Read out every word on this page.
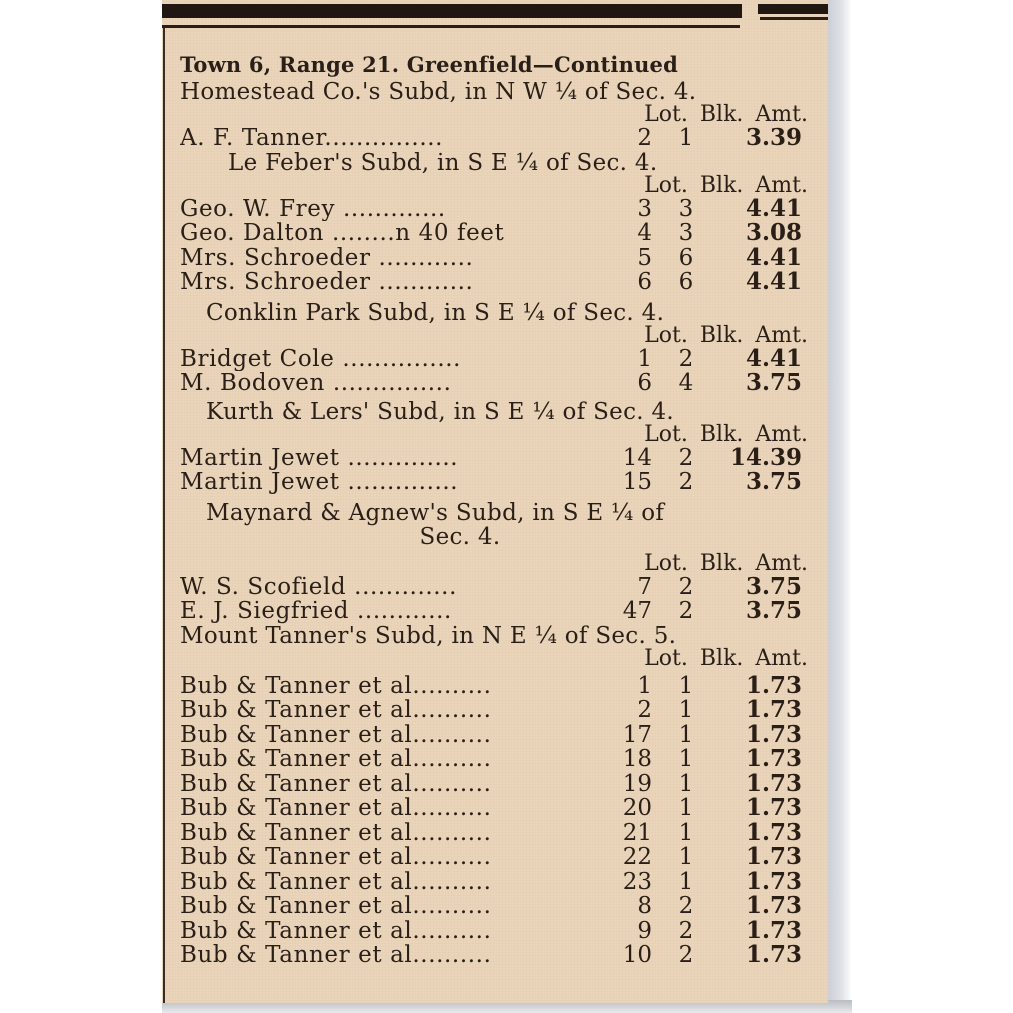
Town 6, Range 21. Greenfield—Continued
Homestead Co.'s Subd, in N W ¼ of Sec. 4.
Lot. Blk. Amt.
A. F. Tanner...............	2	1	3.39
Le Feber's Subd, in S E ¼ of Sec. 4.
Lot. Blk. Amt.
Geo. W. Frey .............	3	3	4.41
Geo. Dalton ........n 40 feet	4	3	3.08
Mrs. Schroeder ............	5	6	4.41
Mrs. Schroeder ............	6	6	4.41
Conklin Park Subd, in S E ¼ of Sec. 4.
Lot. Blk. Amt.
Bridget Cole ...............	1	2	4.41
M. Bodoven ...............	6	4	3.75
Kurth & Lers' Subd, in S E ¼ of Sec. 4.
Lot. Blk. Amt.
Martin Jewet ..............	14	2	14.39
Martin Jewet ..............	15	2	3.75
Maynard & Agnew's Subd, in S E ¼ of
Sec. 4.
Lot. Blk. Amt.
W. S. Scofield .............	7	2	3.75
E. J. Siegfried ............	47	2	3.75
Mount Tanner's Subd, in N E ¼ of Sec. 5.
Lot. Blk. Amt.
Bub & Tanner et al..........	1	1	1.73
Bub & Tanner et al..........	2	1	1.73
Bub & Tanner et al..........	17	1	1.73
Bub & Tanner et al..........	18	1	1.73
Bub & Tanner et al..........	19	1	1.73
Bub & Tanner et al..........	20	1	1.73
Bub & Tanner et al..........	21	1	1.73
Bub & Tanner et al..........	22	1	1.73
Bub & Tanner et al..........	23	1	1.73
Bub & Tanner et al..........	8	2	1.73
Bub & Tanner et al..........	9	2	1.73
Bub & Tanner et al..........	10	2	1.73
